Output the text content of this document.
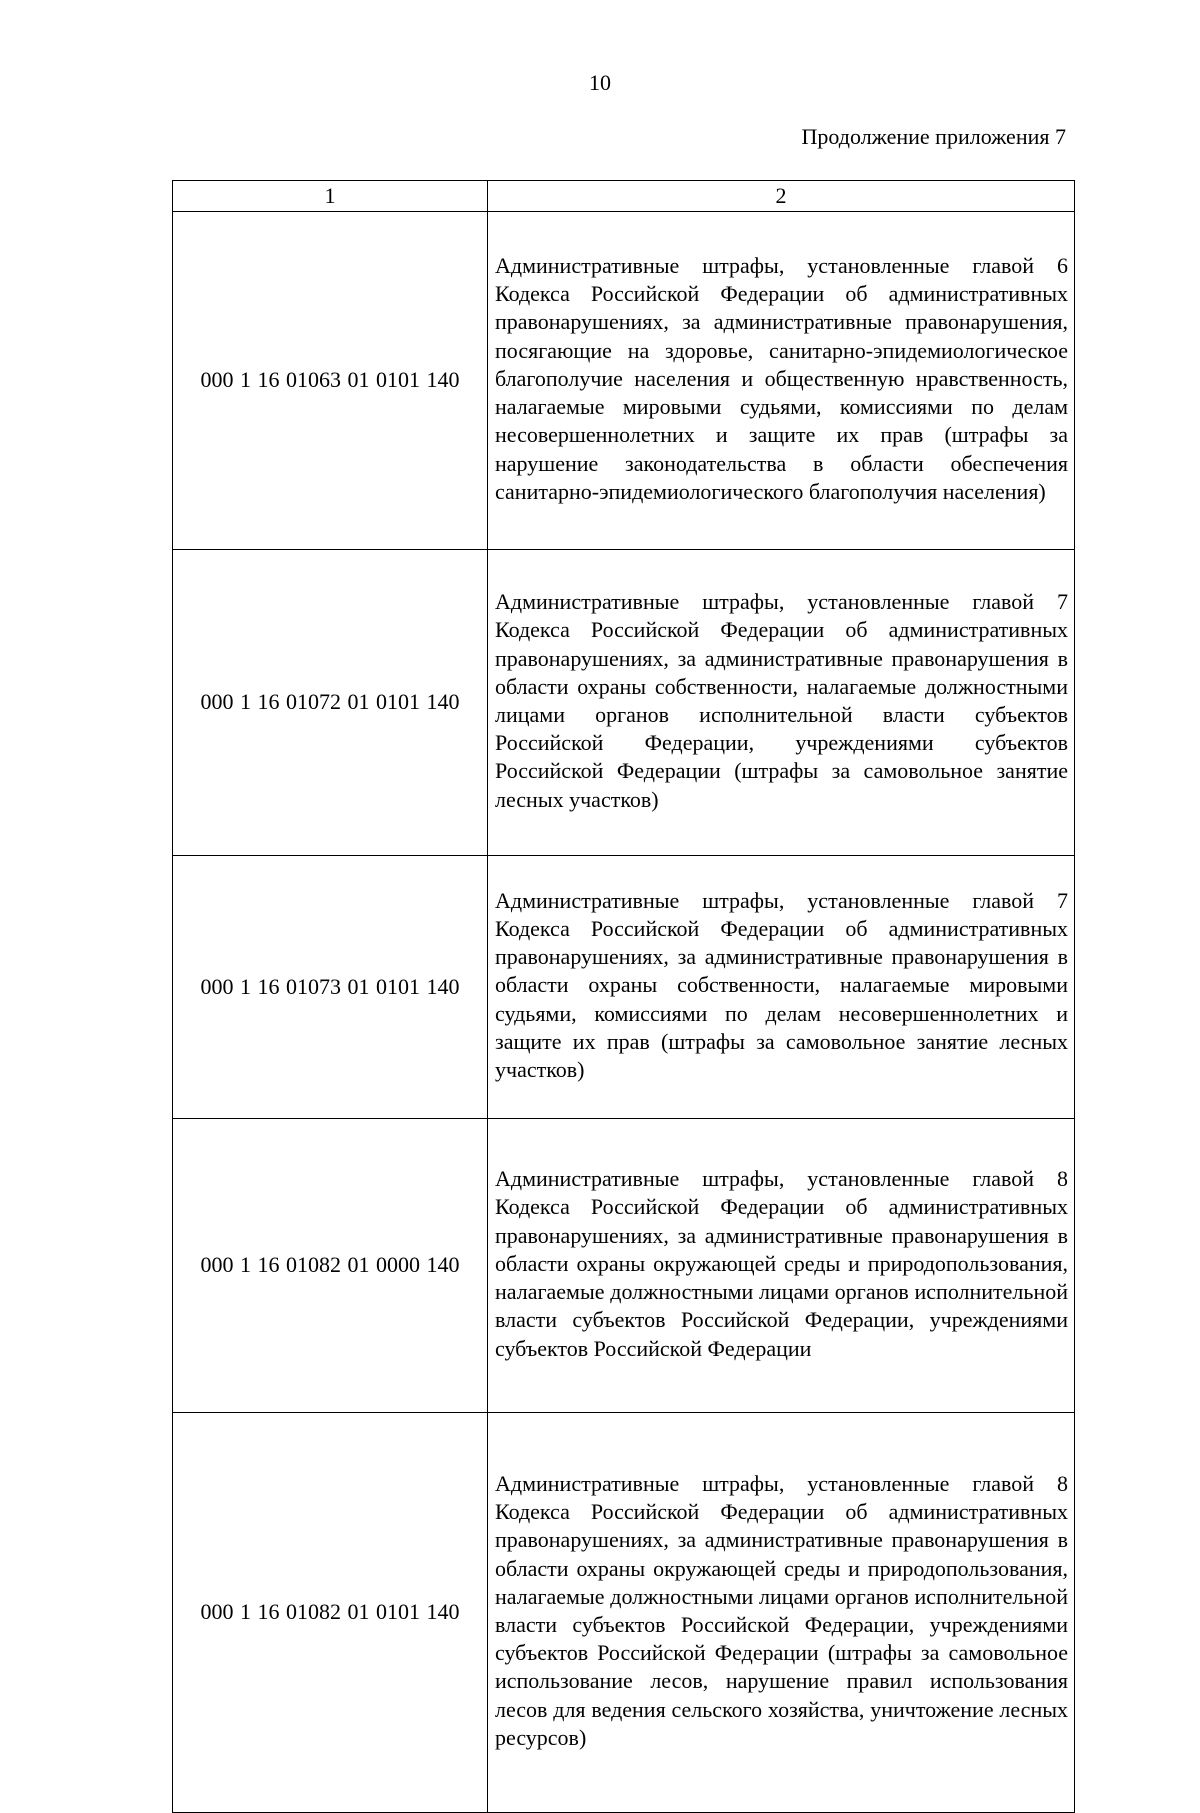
10
Продолжение приложения 7
1	2
000 1 16 01063 01 0101 140	Административные штрафы, установленные главой 6 Кодекса Российской Федерации об административных правонарушениях, за административные правонарушения, посягающие на здоровье, санитарно-эпидемиологическое благополучие населения и общественную нравственность, налагаемые мировыми судьями, комиссиями по делам несовершеннолетних и защите их прав (штрафы за нарушение законодательства в области обеспечения санитарно-эпидемиологического благополучия населения)
000 1 16 01072 01 0101 140	Административные штрафы, установленные главой 7 Кодекса Российской Федерации об административных правонарушениях, за административные правонарушения в области охраны собственности, налагаемые должностными лицами органов исполнительной власти субъектов Российской Федерации, учреждениями субъектов Российской Федерации (штрафы за самовольное занятие лесных участков)
000 1 16 01073 01 0101 140	Административные штрафы, установленные главой 7 Кодекса Российской Федерации об административных правонарушениях, за административные правонарушения в области охраны собственности, налагаемые мировыми судьями, комиссиями по делам несовершеннолетних и защите их прав (штрафы за самовольное занятие лесных участков)
000 1 16 01082 01 0000 140	Административные штрафы, установленные главой 8 Кодекса Российской Федерации об административных правонарушениях, за административные правонарушения в области охраны окружающей среды и природопользования, налагаемые должностными лицами органов исполнительной власти субъектов Российской Федерации, учреждениями субъектов Российской Федерации
000 1 16 01082 01 0101 140	Административные штрафы, установленные главой 8 Кодекса Российской Федерации об административных правонарушениях, за административные правонарушения в области охраны окружающей среды и природопользования, налагаемые должностными лицами органов исполнительной власти субъектов Российской Федерации, учреждениями субъектов Российской Федерации (штрафы за самовольное использование лесов, нарушение правил использования лесов для ведения сельского хозяйства, уничтожение лесных ресурсов)
